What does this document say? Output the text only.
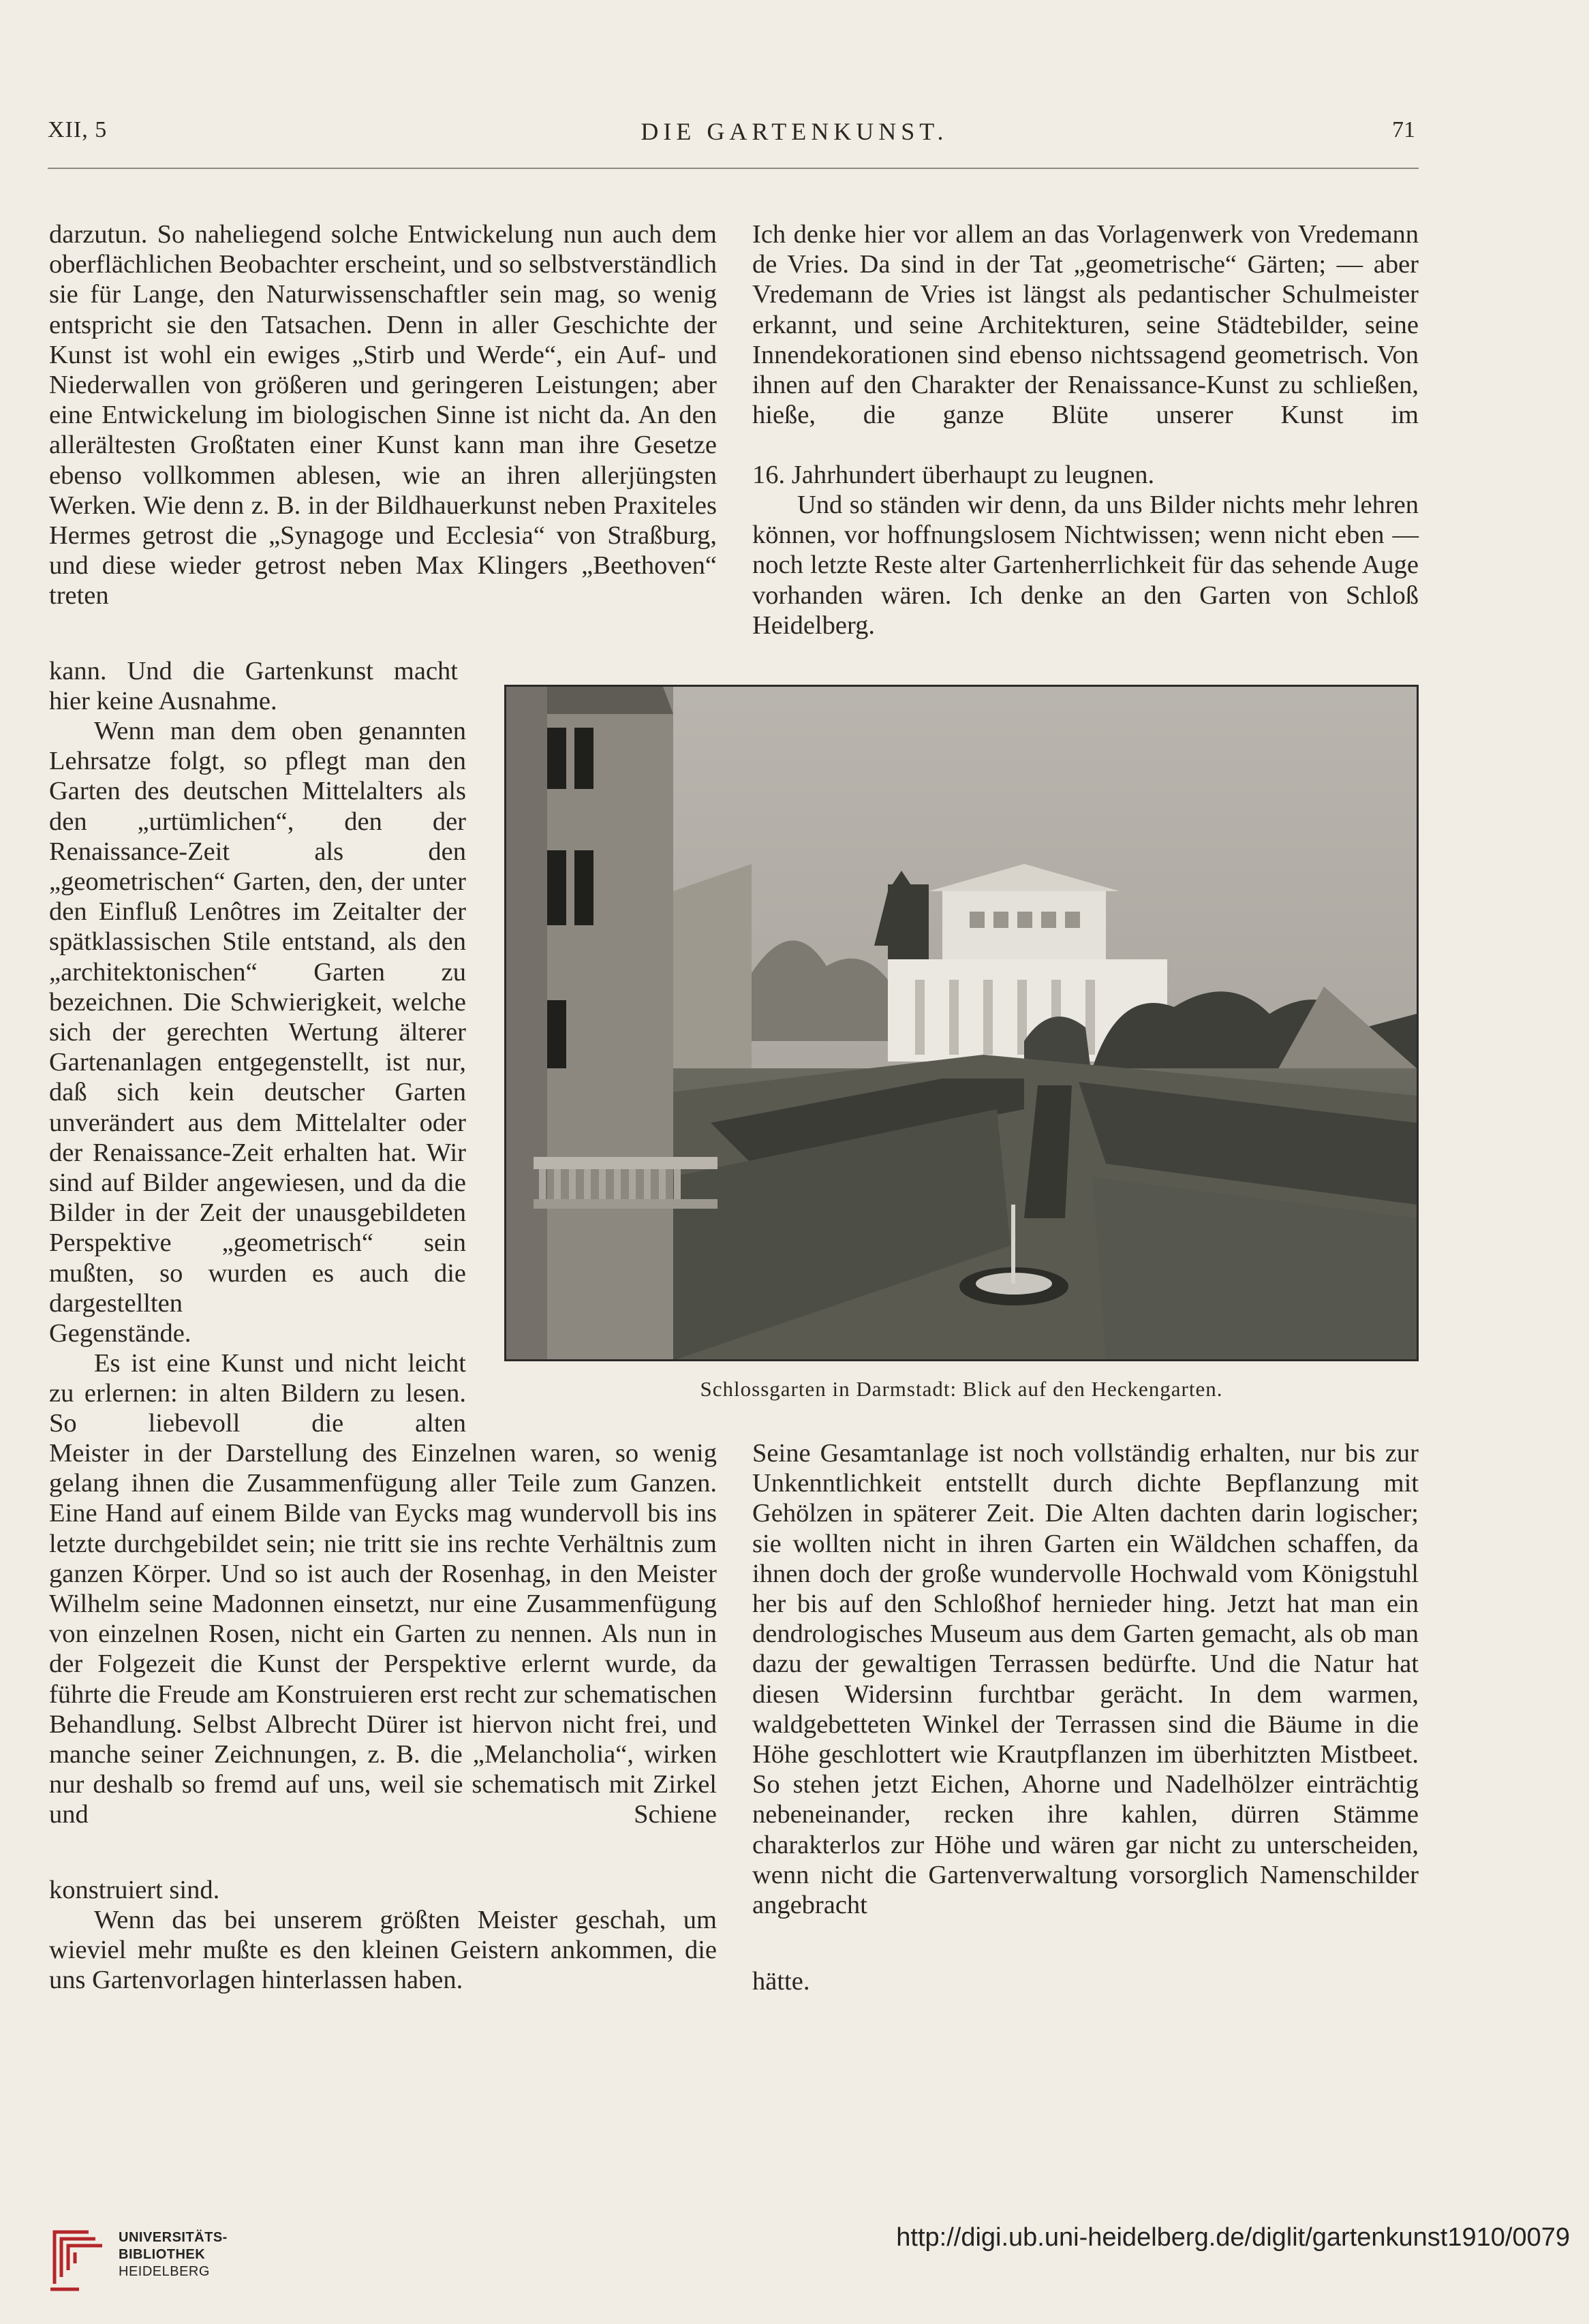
XII, 5	DIE GARTENKUNST.	71

darzutun. So naheliegend solche Entwickelung nun auch dem oberflächlichen Beobachter erscheint, und so selbstverständlich sie für Lange, den Naturwissenschaftler sein mag, so wenig entspricht sie den Tatsachen. Denn in aller Geschichte der Kunst ist wohl ein ewiges „Stirb und Werde“, ein Auf- und Niederwallen von größeren und geringeren Leistungen; aber eine Entwickelung im biologischen Sinne ist nicht da. An den allerältesten Großtaten einer Kunst kann man ihre Gesetze ebenso vollkommen ablesen, wie an ihren allerjüngsten Werken. Wie denn z. B. in der Bildhauerkunst neben Praxiteles Hermes getrost die „Synagoge und Ecclesia“ von Straßburg, und diese wieder getrost neben Max Klingers „Beethoven“ treten

kann. Und die Gartenkunst macht

hier keine Ausnahme.

Wenn man dem oben genannten Lehrsatze folgt, so pflegt man den Garten des deutschen Mittelalters als den „urtümlichen“, den der Renaissance-Zeit als den „geometrischen“ Garten, den, der unter den Einfluß Lenôtres im Zeitalter der spätklassischen Stile entstand, als den „architektonischen“ Garten zu bezeichnen. Die Schwierigkeit, welche sich der gerechten Wertung älterer Gartenanlagen entgegenstellt, ist nur, daß sich kein deutscher Garten unverändert aus dem Mittelalter oder der Renaissance-Zeit erhalten hat. Wir sind auf Bilder angewiesen, und da die Bilder in der Zeit der unausgebildeten Perspektive „geometrisch“ sein mußten, so wurden es auch die dargestellten

Gegenstände.

Es ist eine Kunst und nicht leicht zu erlernen: in alten Bildern zu lesen. So liebevoll die alten

Meister in der Darstellung des Einzelnen waren, so wenig gelang ihnen die Zusammenfügung aller Teile zum Ganzen. Eine Hand auf einem Bilde van Eycks mag wundervoll bis ins letzte durchgebildet sein; nie tritt sie ins rechte Verhältnis zum ganzen Körper. Und so ist auch der Rosenhag, in den Meister Wilhelm seine Madonnen einsetzt, nur eine Zusammenfügung von einzelnen Rosen, nicht ein Garten zu nennen. Als nun in der Folgezeit die Kunst der Perspektive erlernt wurde, da führte die Freude am Konstruieren erst recht zur schematischen Behandlung. Selbst Albrecht Dürer ist hiervon nicht frei, und manche seiner Zeichnungen, z. B. die „Melancholia“, wirken nur deshalb so fremd auf uns, weil sie schematisch mit Zirkel und Schiene

konstruiert sind.

Wenn das bei unserem größten Meister geschah, um wieviel mehr mußte es den kleinen Geistern ankommen, die uns Gartenvorlagen hinterlassen haben.

Ich denke hier vor allem an das Vorlagenwerk von Vredemann de Vries. Da sind in der Tat „geometrische“ Gärten; — aber Vredemann de Vries ist längst als pedantischer Schulmeister erkannt, und seine Architekturen, seine Städtebilder, seine Innendekorationen sind ebenso nichtssagend geometrisch. Von ihnen auf den Charakter der Renaissance-Kunst zu schließen, hieße, die ganze Blüte unserer Kunst im

16. Jahrhundert überhaupt zu leugnen.

Und so ständen wir denn, da uns Bilder nichts mehr lehren können, vor hoffnungslosem Nichtwissen; wenn nicht eben — noch letzte Reste alter Gartenherrlichkeit für das sehende Auge vorhanden wären. Ich denke an den Garten von Schloß Heidelberg.

Seine Gesamtanlage ist noch vollständig erhalten, nur bis zur Unkenntlichkeit entstellt durch dichte Bepflanzung mit Gehölzen in späterer Zeit. Die Alten dachten darin logischer; sie wollten nicht in ihren Garten ein Wäldchen schaffen, da ihnen doch der große wundervolle Hochwald vom Königstuhl her bis auf den Schloßhof hernieder hing. Jetzt hat man ein dendrologisches Museum aus dem Garten gemacht, als ob man dazu der gewaltigen Terrassen bedürfte. Und die Natur hat diesen Widersinn furchtbar gerächt. In dem warmen, waldgebetteten Winkel der Terrassen sind die Bäume in die Höhe geschlottert wie Krautpflanzen im überhitzten Mistbeet. So stehen jetzt Eichen, Ahorne und Nadelhölzer einträchtig nebeneinander, recken ihre kahlen, dürren Stämme charakterlos zur Höhe und wären gar nicht zu unterscheiden, wenn nicht die Gartenverwaltung vorsorglich Namenschilder angebracht

hätte.

Schlossgarten in Darmstadt: Blick auf den Heckengarten.
UNIVERSITÄTS-
BIBLIOTHEK
HEIDELBERG
http://digi.ub.uni-heidelberg.de/diglit/gartenkunst1910/0079
